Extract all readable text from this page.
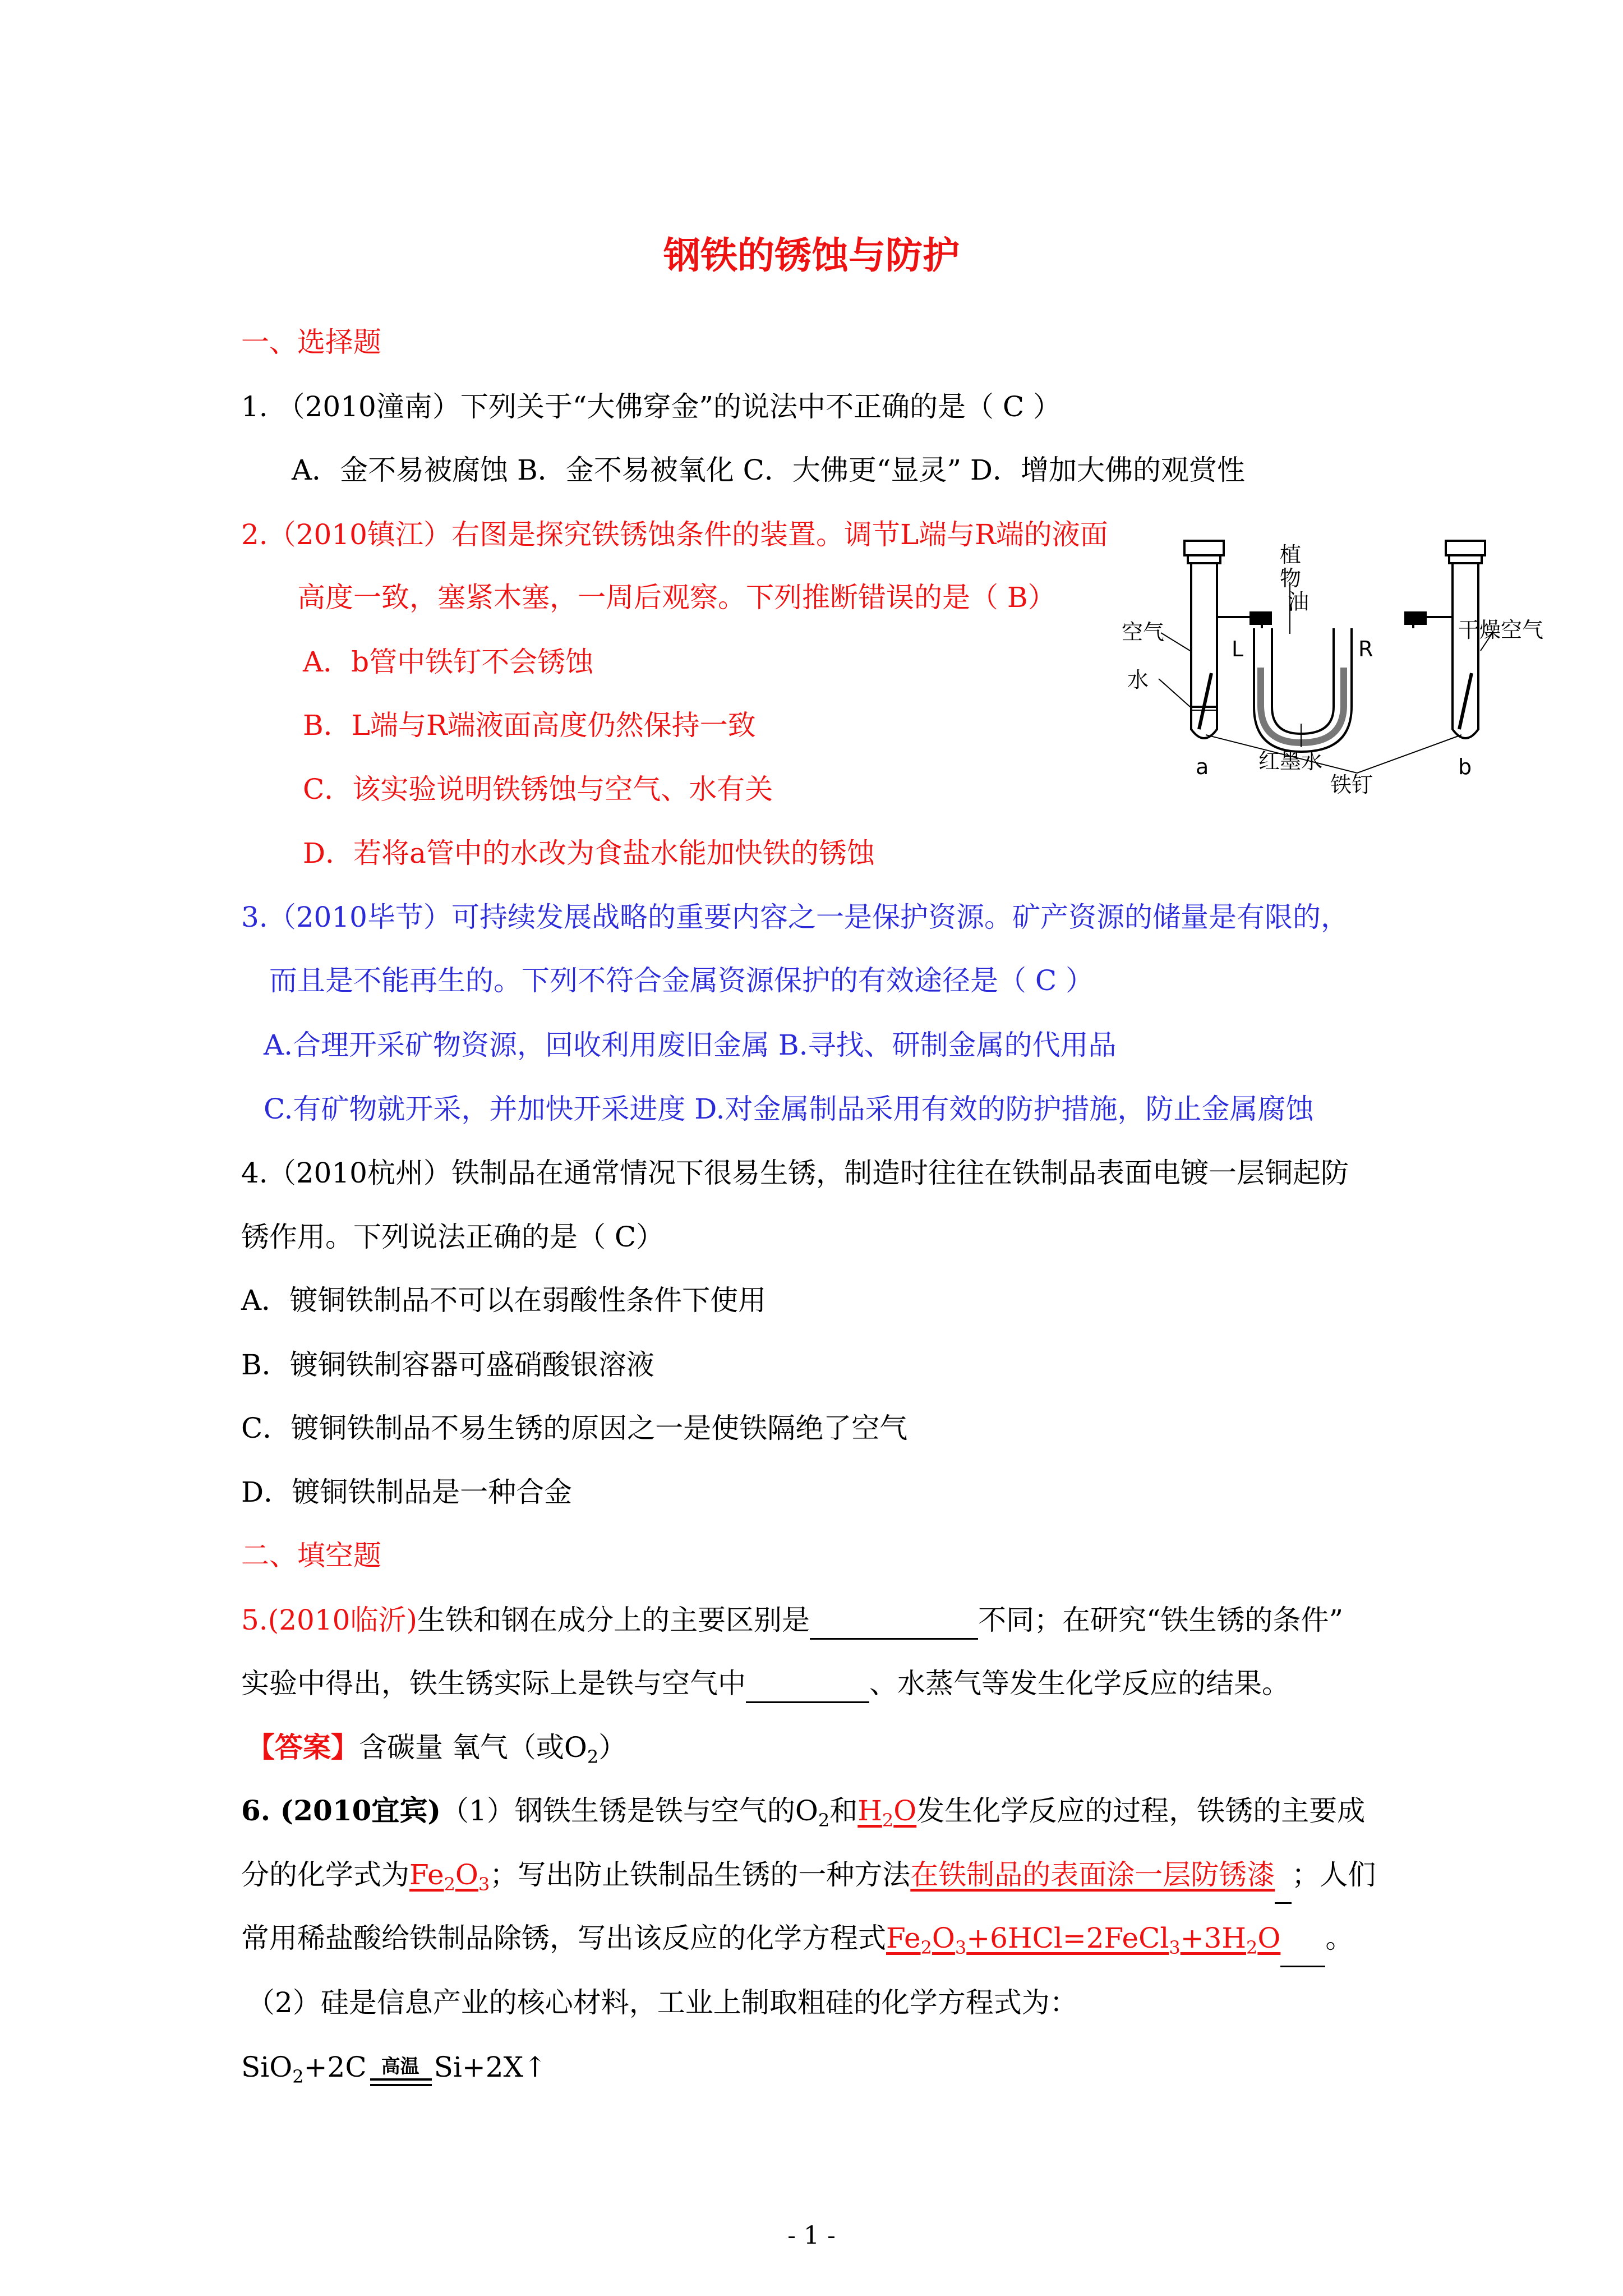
钢铁的锈蚀与防护
一、选择题
1. （2010潼南）下列关于“大佛穿金”的说法中不正确的是（ C ）
A．金不易被腐蚀 B．金不易被氧化 C．大佛更“显灵” D．增加大佛的观赏性
2.（2010镇江）右图是探究铁锈蚀条件的装置。调节L端与R端的液面
高度一致，塞紧木塞，一周后观察。下列推断错误的是（ B）
A．b管中铁钉不会锈蚀
B．L端与R端液面高度仍然保持一致
C．该实验说明铁锈蚀与空气、水有关
D．若将a管中的水改为食盐水能加快铁的锈蚀
空气
水
植
物
油
L	R
干燥空气
红墨水
铁钉
a	b
3.（2010毕节）可持续发展战略的重要内容之一是保护资源。矿产资源的储量是有限的，
而且是不能再生的。下列不符合金属资源保护的有效途径是（ C ）
A.合理开采矿物资源，回收利用废旧金属 B.寻找、研制金属的代用品
C.有矿物就开采，并加快开采进度 D.对金属制品采用有效的防护措施，防止金属腐蚀
4.（2010杭州）铁制品在通常情况下很易生锈，制造时往往在铁制品表面电镀一层铜起防
锈作用。下列说法正确的是（ C）
A．镀铜铁制品不可以在弱酸性条件下使用
B．镀铜铁制容器可盛硝酸银溶液
C．镀铜铁制品不易生锈的原因之一是使铁隔绝了空气
D．镀铜铁制品是一种合金
二、填空题
5.(2010临沂)生铁和钢在成分上的主要区别是	不同；在研究“铁生锈的条件”
实验中得出，铁生锈实际上是铁与空气中	、水蒸气等发生化学反应的结果。
【答案】含碳量 氧气（或$O_2$）
6. (2010宜宾)（1）钢铁生锈是铁与空气的$O_2$和$H_2O$发生化学反应的过程，铁锈的主要成
分的化学式为$Fe_2O_3$；写出防止铁制品生锈的一种方法在铁制品的表面涂一层防锈漆 ；人们
常用稀盐酸给铁制品除锈，写出该反应的化学方程式$Fe_2O_3+6HCl=2FeCl_3+3H_2O$ 。
（2）硅是信息产业的核心材料，工业上制取粗硅的化学方程式为：
SiO$_2$+2C 高温 Si+2X↑
- 1 -
